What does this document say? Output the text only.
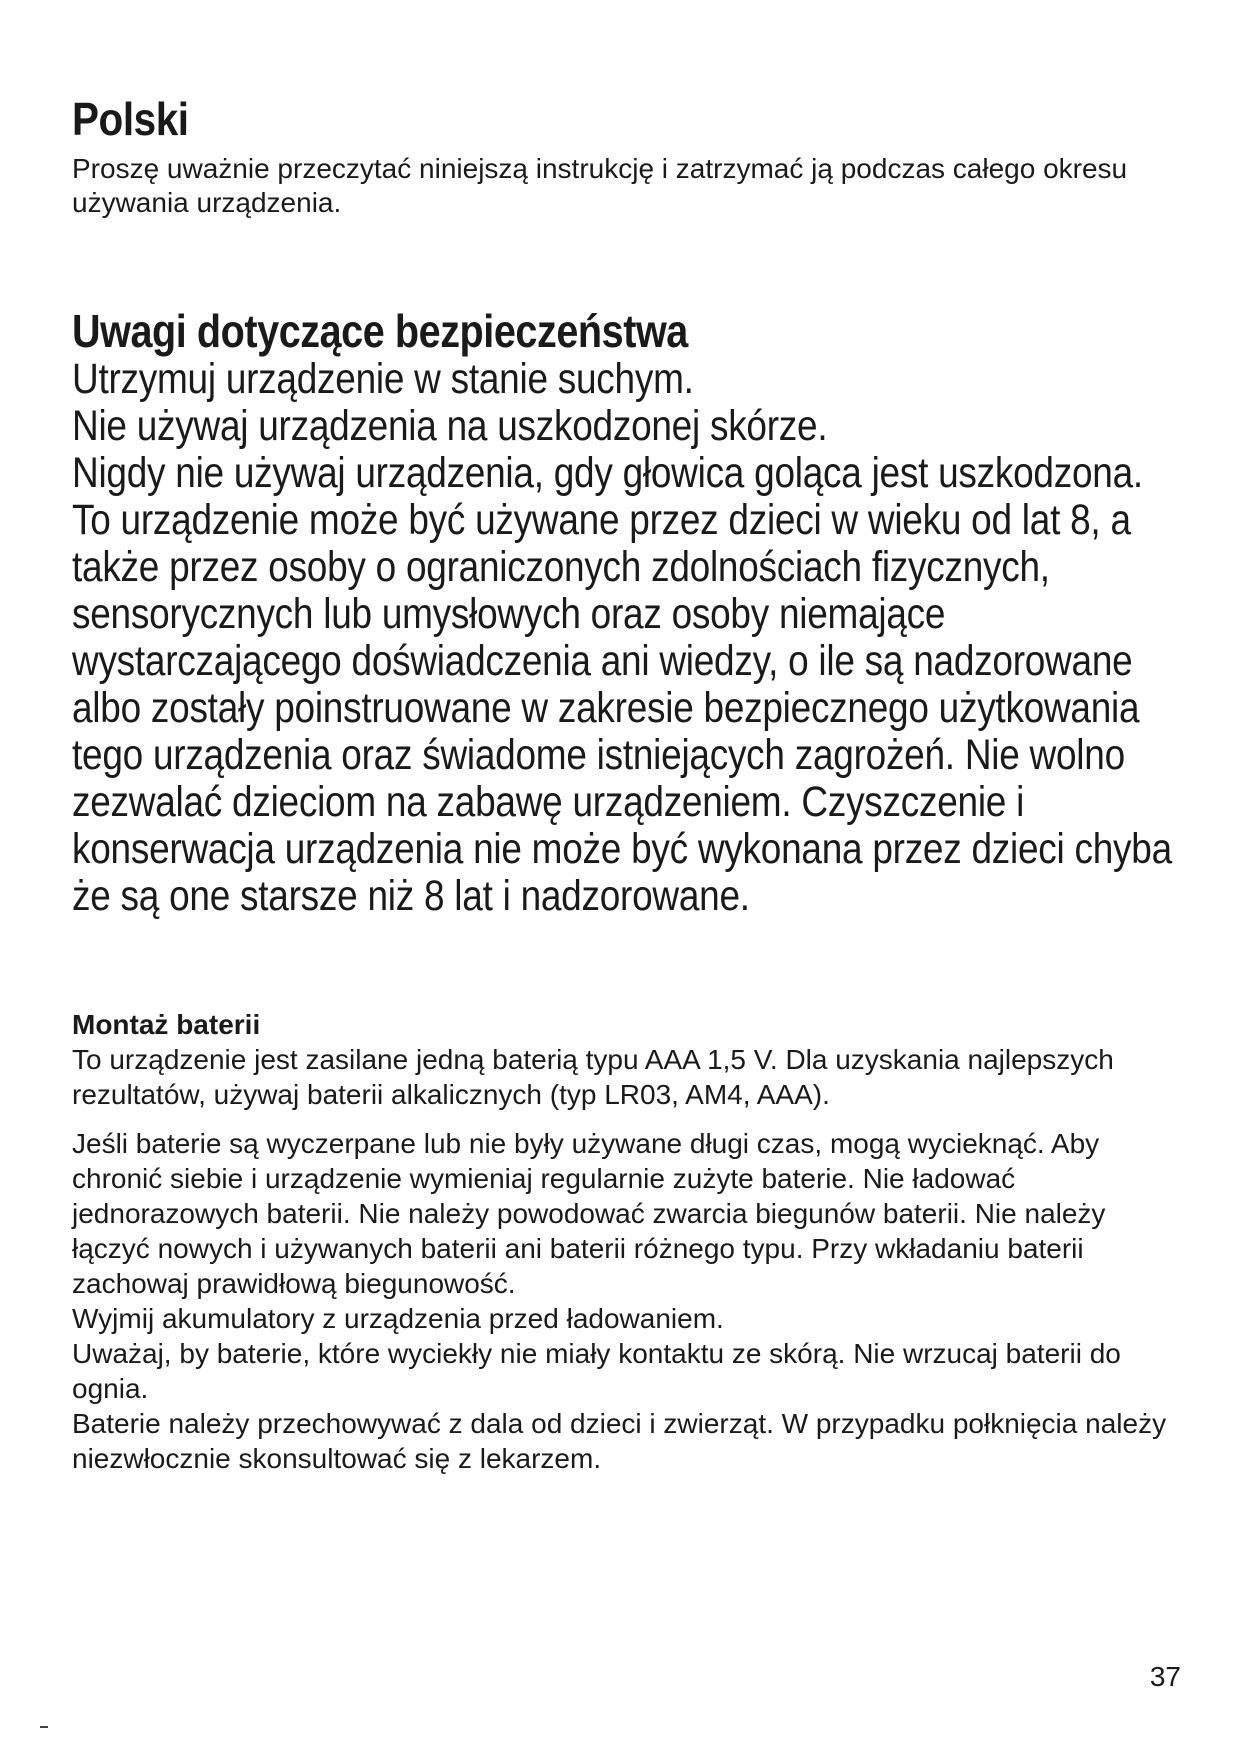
Polski

Proszę uważnie przeczytać niniejszą instrukcję i zatrzymać ją podczas całego okresu używania urządzenia.

Uwagi dotyczące bezpieczeństwa
Utrzymuj urządzenie w stanie suchym.
Nie używaj urządzenia na uszkodzonej skórze.
Nigdy nie używaj urządzenia, gdy głowica goląca jest uszkodzona.
To urządzenie może być używane przez dzieci w wieku od lat 8, a także przez osoby o ograniczonych zdolnościach fizycznych, sensorycznych lub umysłowych oraz osoby niemające wystarczającego doświadczenia ani wiedzy, o ile są nadzorowane albo zostały poinstruowane w zakresie bezpiecznego użytkowania tego urządzenia oraz świadome istniejących zagrożeń. Nie wolno zezwalać dzieciom na zabawę urządzeniem. Czyszczenie i konserwacja urządzenia nie może być wykonana przez dzieci chyba że są one starsze niż 8 lat i nadzorowane.
Montaż baterii

To urządzenie jest zasilane jedną baterią typu AAA 1,5 V. Dla uzyskania najlepszych rezultatów, używaj baterii alkalicznych (typ LR03, AM4, AAA).

Jeśli baterie są wyczerpane lub nie były używane długi czas, mogą wycieknąć. Aby chronić siebie i urządzenie wymieniaj regularnie zużyte baterie. Nie ładować jednorazowych baterii. Nie należy powodować zwarcia biegunów baterii. Nie należy łączyć nowych i używanych baterii ani baterii różnego typu. Przy wkładaniu baterii zachowaj prawidłową biegunowość.

Wyjmij akumulatory z urządzenia przed ładowaniem.

Uważaj, by baterie, które wyciekły nie miały kontaktu ze skórą. Nie wrzucaj baterii do ognia.

Baterie należy przechowywać z dala od dzieci i zwierząt. W przypadku połknięcia należy niezwłocznie skonsultować się z lekarzem.

37
